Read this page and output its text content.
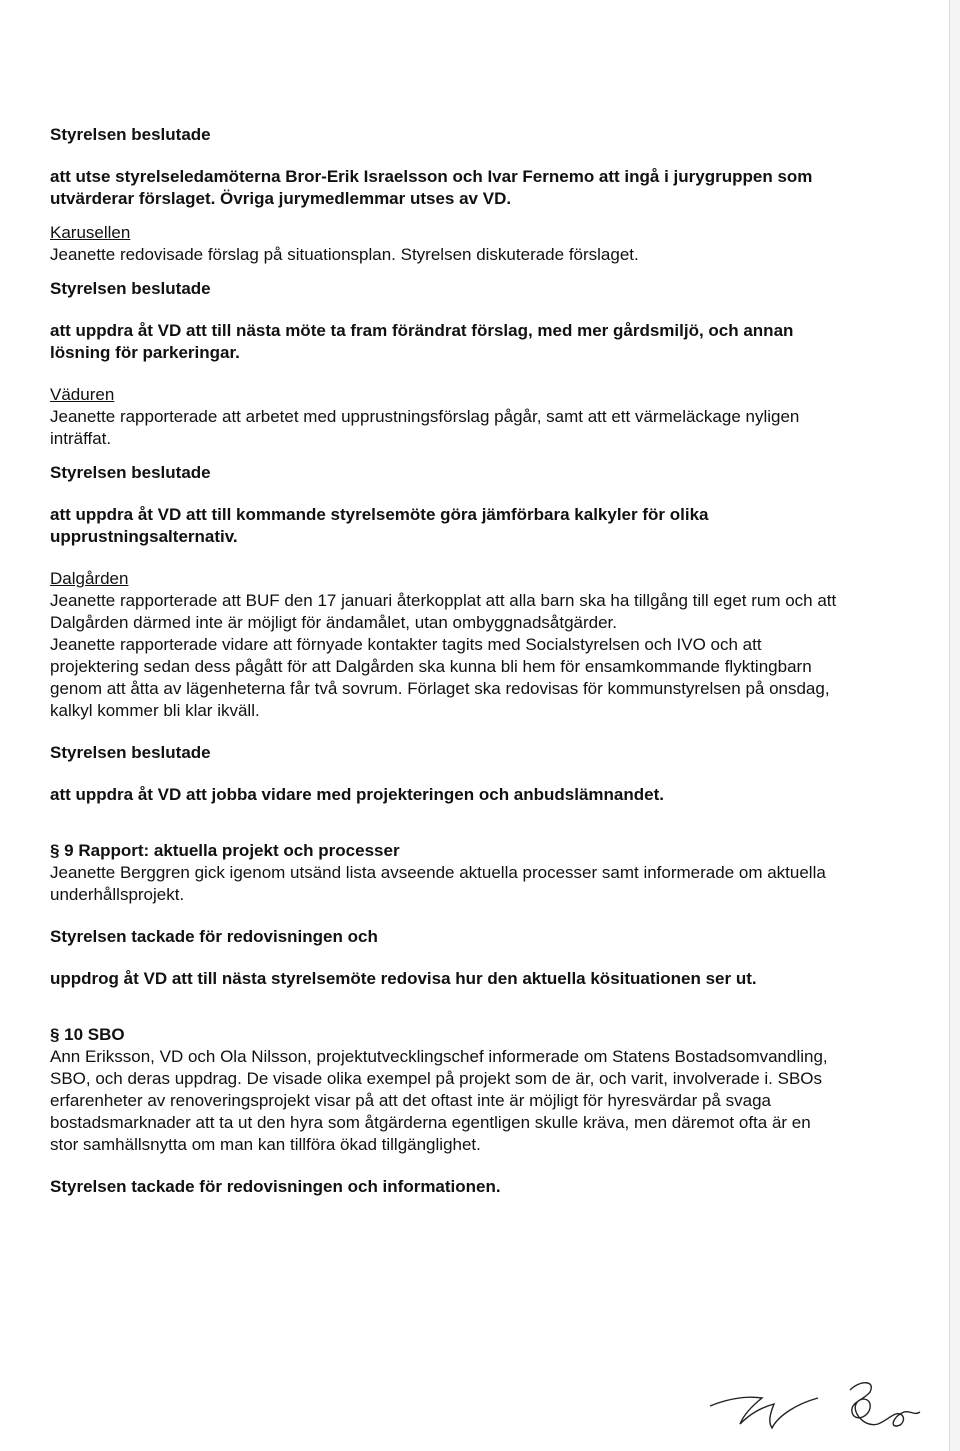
Styrelsen beslutade

att utse styrelseledamöterna Bror-Erik Israelsson och Ivar Fernemo att ingå i jurygruppen som utvärderar förslaget. Övriga jurymedlemmar utses av VD.

Karusellen

Jeanette redovisade förslag på situationsplan. Styrelsen diskuterade förslaget.

Styrelsen beslutade

att uppdra åt VD att till nästa möte ta fram förändrat förslag, med mer gårdsmiljö, och annan lösning för parkeringar.

Väduren

Jeanette rapporterade att arbetet med upprustningsförslag pågår, samt att ett värmeläckage nyligen inträffat.

Styrelsen beslutade

att uppdra åt VD att till kommande styrelsemöte göra jämförbara kalkyler för olika upprustningsalternativ.

Dalgården

Jeanette rapporterade att BUF den 17 januari återkopplat att alla barn ska ha tillgång till eget rum och att Dalgården därmed inte är möjligt för ändamålet, utan ombyggnadsåtgärder.

Jeanette rapporterade vidare att förnyade kontakter tagits med Socialstyrelsen och IVO och att projektering sedan dess pågått för att Dalgården ska kunna bli hem för ensamkommande flyktingbarn genom att åtta av lägenheterna får två sovrum. Förlaget ska redovisas för kommunstyrelsen på onsdag, kalkyl kommer bli klar ikväll.

Styrelsen beslutade

att uppdra åt VD att jobba vidare med projekteringen och anbudslämnandet.

§ 9 Rapport: aktuella projekt och processer

Jeanette Berggren gick igenom utsänd lista avseende aktuella processer samt informerade om aktuella underhållsprojekt.

Styrelsen tackade för redovisningen och

uppdrog åt VD att till nästa styrelsemöte redovisa hur den aktuella kösituationen ser ut.

§ 10 SBO

Ann Eriksson, VD och Ola Nilsson, projektutvecklingschef informerade om Statens Bostadsomvandling, SBO, och deras uppdrag. De visade olika exempel på projekt som de är, och varit, involverade i. SBOs erfarenheter av renoveringsprojekt visar på att det oftast inte är möjligt för hyresvärdar på svaga bostadsmarknader att ta ut den hyra som åtgärderna egentligen skulle kräva, men däremot ofta är en stor samhällsnytta om man kan tillföra ökad tillgänglighet.

Styrelsen tackade för redovisningen och informationen.
